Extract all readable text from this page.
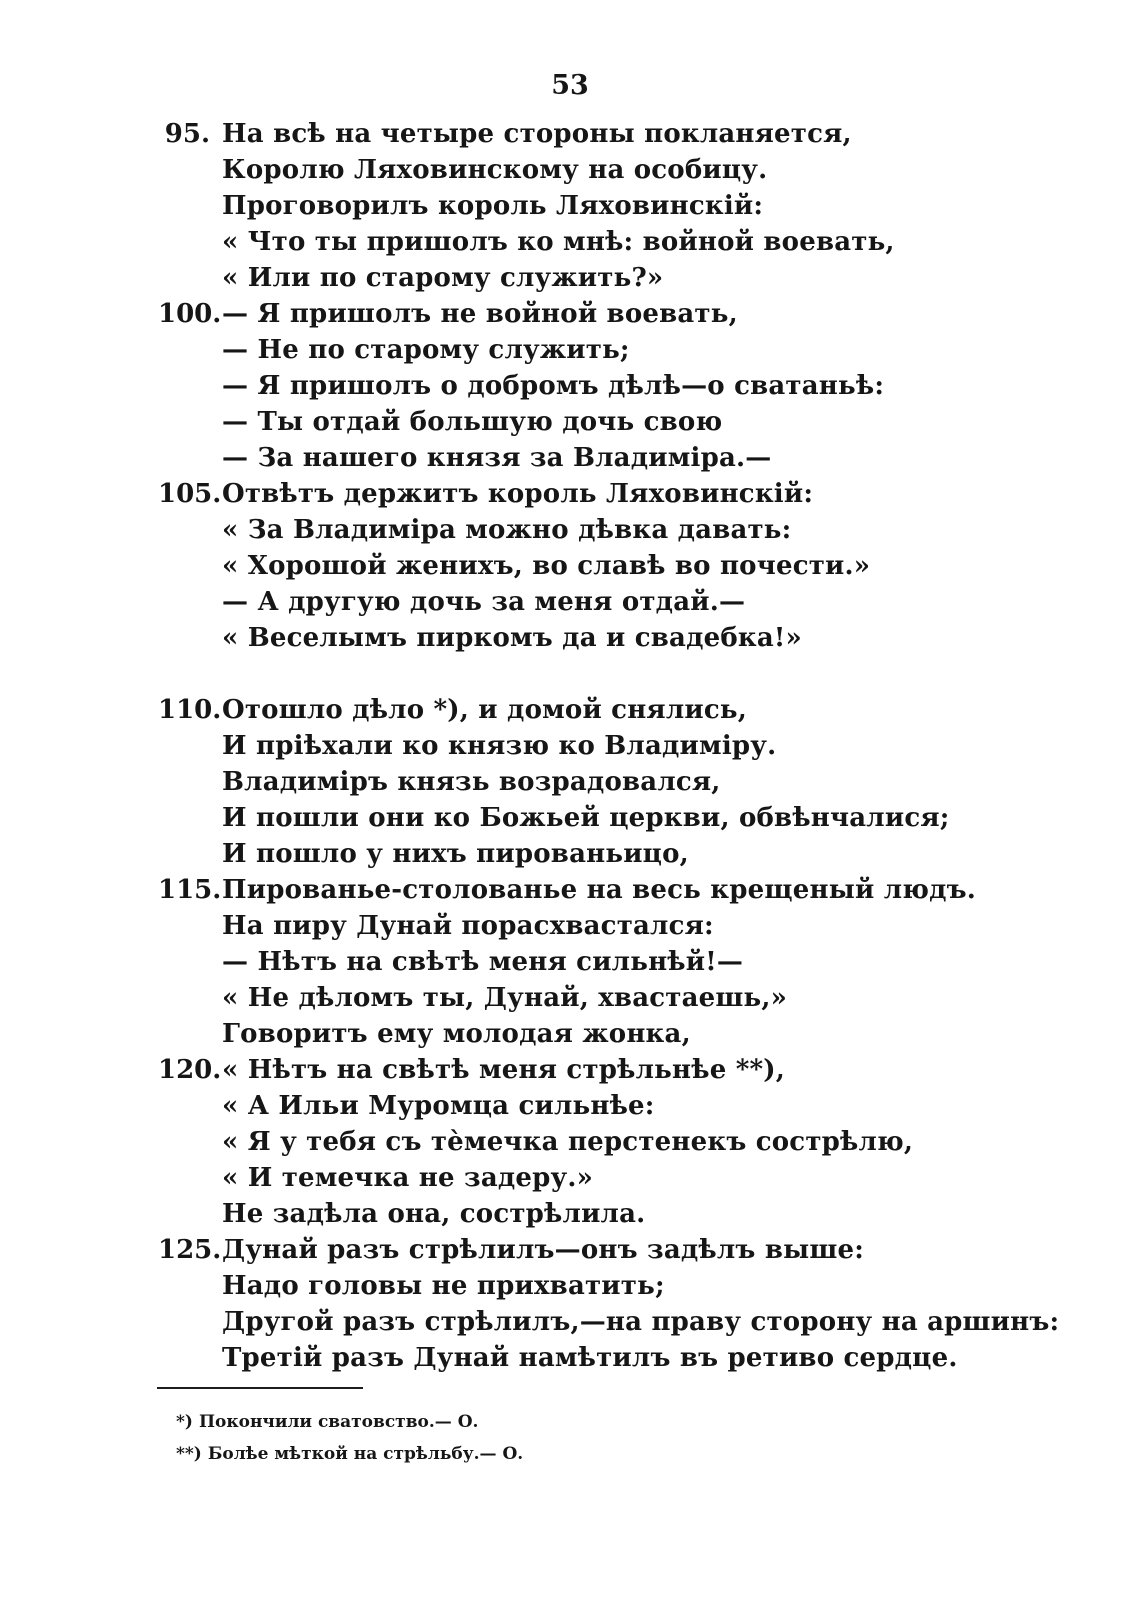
53
95. На всѣ на четыре стороны покланяется,
Королю Ляховинскому на особицу.
Проговорилъ король Ляховинскій:
« Что ты пришолъ ко мнѣ: войной воевать,
« Или по старому служить?»
100. — Я пришолъ не войной воевать,
— Не по старому служить;
— Я пришолъ о добромъ дѣлѣ—о сватаньѣ:
— Ты отдай большую дочь свою
— За нашего князя за Владиміра.—
105. Отвѣтъ держитъ король Ляховинскій:
« За Владиміра можно дѣвка давать:
« Хорошой женихъ, во славѣ во почести.»
— А другую дочь за меня отдай.—
« Веселымъ пиркомъ да и свадебка!»
110. Отошло дѣло *), и домой снялись,
И пріѣхали ко князю ко Владиміру.
Владиміръ князь возрадовался,
И пошли они ко Божьей церкви, обвѣнчалися;
И пошло у нихъ пированьицо,
115. Пированье-столованье на весь крещеный людъ.
На пиру Дунай порасхвастался:
— Нѣтъ на свѣтѣ меня сильнѣй!—
« Не дѣломъ ты, Дунай, хвастаешь,»
Говоритъ ему молодая жонка,
120. « Нѣтъ на свѣтѣ меня стрѣльнѣе **),
« А Ильи Муромца сильнѣе:
« Я у тебя съ тѐмечка перстенекъ сострѣлю,
« И темечка не задеру.»
Не задѣла она, сострѣлила.
125. Дунай разъ стрѣлилъ—онъ задѣлъ выше:
Надо головы не прихватить;
Другой разъ стрѣлилъ,—на праву сторону на аршинъ:
Третій разъ Дунай намѣтилъ въ ретиво сердце.
*) Покончили сватовство.— О.
**) Болѣе мѣткой на стрѣльбу.— О.
